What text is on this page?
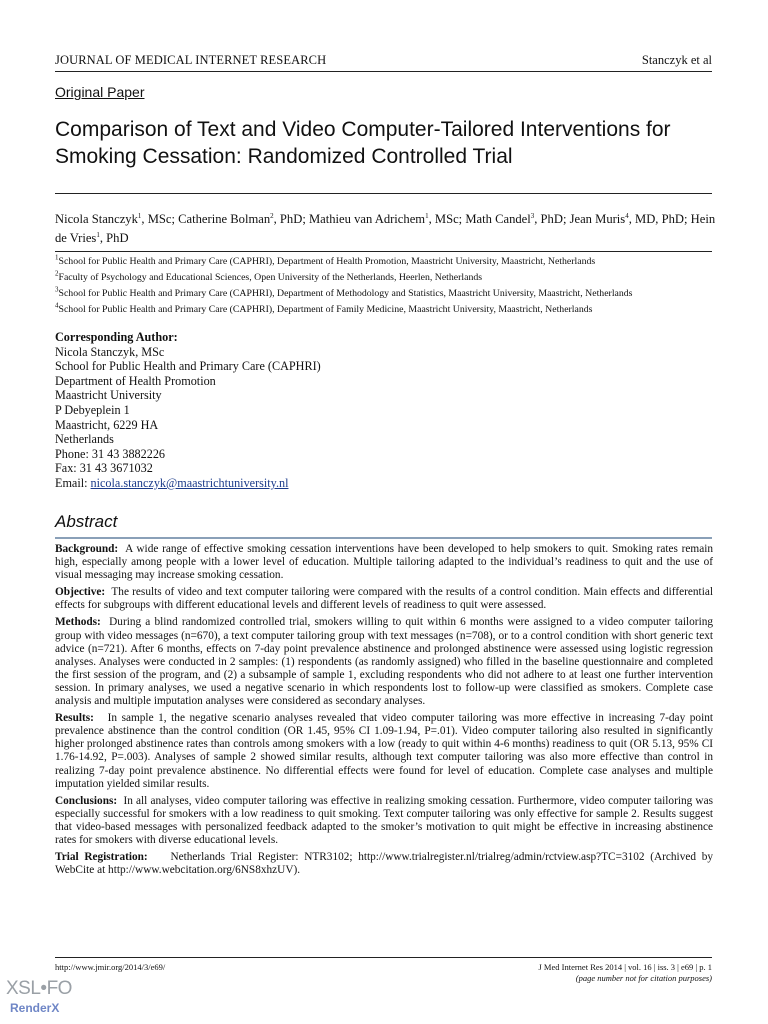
JOURNAL OF MEDICAL INTERNET RESEARCH	Stanczyk et al
Original Paper
Comparison of Text and Video Computer-Tailored Interventions for Smoking Cessation: Randomized Controlled Trial
Nicola Stanczyk$^1$, MSc; Catherine Bolman$^2$, PhD; Mathieu van Adrichem$^1$, MSc; Math Candel$^3$, PhD; Jean Muris$^4$, MD, PhD; Hein de Vries$^1$, PhD
$^1$School for Public Health and Primary Care (CAPHRI), Department of Health Promotion, Maastricht University, Maastricht, Netherlands
$^2$Faculty of Psychology and Educational Sciences, Open University of the Netherlands, Heerlen, Netherlands
$^3$School for Public Health and Primary Care (CAPHRI), Department of Methodology and Statistics, Maastricht University, Maastricht, Netherlands
$^4$School for Public Health and Primary Care (CAPHRI), Department of Family Medicine, Maastricht University, Maastricht, Netherlands
Corresponding Author:
Nicola Stanczyk, MSc
School for Public Health and Primary Care (CAPHRI)
Department of Health Promotion
Maastricht University
P Debyeplein 1
Maastricht, 6229 HA
Netherlands
Phone: 31 43 3882226
Fax: 31 43 3671032
Email: nicola.stanczyk@maastrichtuniversity.nl
Abstract

Background: A wide range of effective smoking cessation interventions have been developed to help smokers to quit. Smoking rates remain high, especially among people with a lower level of education. Multiple tailoring adapted to the individual’s readiness to quit and the use of visual messaging may increase smoking cessation.

Objective: The results of video and text computer tailoring were compared with the results of a control condition. Main effects and differential effects for subgroups with different educational levels and different levels of readiness to quit were assessed.

Methods: During a blind randomized controlled trial, smokers willing to quit within 6 months were assigned to a video computer tailoring group with video messages (n=670), a text computer tailoring group with text messages (n=708), or to a control condition with short generic text advice (n=721). After 6 months, effects on 7-day point prevalence abstinence and prolonged abstinence were assessed using logistic regression analyses. Analyses were conducted in 2 samples: (1) respondents (as randomly assigned) who filled in the baseline questionnaire and completed the first session of the program, and (2) a subsample of sample 1, excluding respondents who did not adhere to at least one further intervention session. In primary analyses, we used a negative scenario in which respondents lost to follow-up were classified as smokers. Complete case analysis and multiple imputation analyses were considered as secondary analyses.

Results: In sample 1, the negative scenario analyses revealed that video computer tailoring was more effective in increasing 7-day point prevalence abstinence than the control condition (OR 1.45, 95% CI 1.09-1.94, P=.01). Video computer tailoring also resulted in significantly higher prolonged abstinence rates than controls among smokers with a low (ready to quit within 4-6 months) readiness to quit (OR 5.13, 95% CI 1.76-14.92, P=.003). Analyses of sample 2 showed similar results, although text computer tailoring was also more effective than control in realizing 7-day point prevalence abstinence. No differential effects were found for level of education. Complete case analyses and multiple imputation yielded similar results.

Conclusions: In all analyses, video computer tailoring was effective in realizing smoking cessation. Furthermore, video computer tailoring was especially successful for smokers with a low readiness to quit smoking. Text computer tailoring was only effective for sample 2. Results suggest that video-based messages with personalized feedback adapted to the smoker’s motivation to quit might be effective in increasing abstinence rates for smokers with diverse educational levels.

Trial Registration: Netherlands Trial Register: NTR3102; http://www.trialregister.nl/trialreg/admin/rctview.asp?TC=3102 (Archived by WebCite at http://www.webcitation.org/6NS8xhzUV).

http://www.jmir.org/2014/3/e69/	J Med Internet Res 2014 | vol. 16 | iss. 3 | e69 | p. 1
(page number not for citation purposes)
XSL•FO
RenderX
